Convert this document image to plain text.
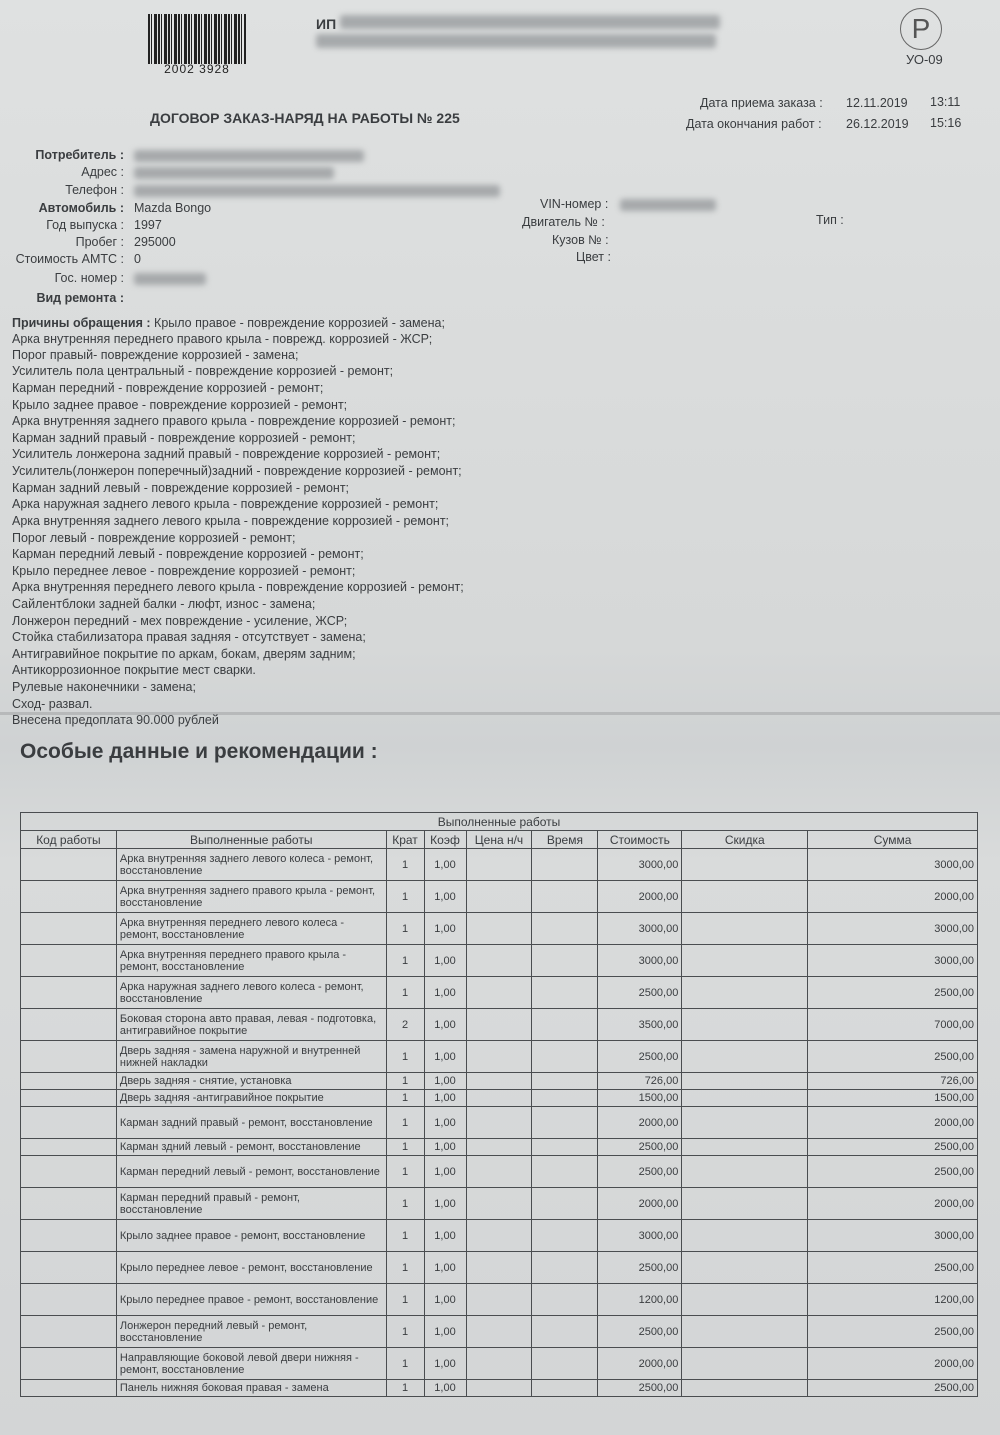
2002 3928
ИП	Р
УО-09
ДОГОВОР ЗАКАЗ-НАРЯД НА РАБОТЫ № 225
Дата приема заказа : 12.11.2019 13:11
Дата окончания работ : 26.12.2019 15:16
Потребитель :
Адрес :
Телефон :
Автомобиль : Mazda Bongo
Год выпуска : 1997
Пробег : 295000
Стоимость АМТС : 0
Гос. номер :
Вид ремонта :
VIN-номер :
Двигатель № :	Тип :
Кузов № :
Цвет :
Причины обращения : Крыло правое - повреждение коррозией - замена;
Арка внутренняя переднего правого крыла - поврежд. коррозией - ЖСР;
Порог правый- повреждение коррозией - замена;
Усилитель пола центральный - повреждение коррозией - ремонт;
Карман передний - повреждение коррозией - ремонт;
Крыло заднее правое - повреждение коррозией - ремонт;
Арка внутренняя заднего правого крыла - повреждение коррозией - ремонт;
Карман задний правый - повреждение коррозией - ремонт;
Усилитель лонжерона задний правый - повреждение коррозией - ремонт;
Усилитель(лонжерон поперечный)задний - повреждение коррозией - ремонт;
Карман задний левый - повреждение коррозией - ремонт;
Арка наружная заднего левого крыла - повреждение коррозией - ремонт;
Арка внутренняя заднего левого крыла - повреждение коррозией - ремонт;
Порог левый - повреждение коррозией - ремонт;
Карман передний левый - повреждение коррозией - ремонт;
Крыло переднее левое - повреждение коррозией - ремонт;
Арка внутренняя переднего левого крыла - повреждение коррозией - ремонт;
Сайлентблоки задней балки - люфт, износ - замена;
Лонжерон передний - мех повреждение - усиление, ЖСР;
Стойка стабилизатора правая задняя - отсутствует - замена;
Антигравийное покрытие по аркам, бокам, дверям задним;
Антикоррозионное покрытие мест сварки.
Рулевые наконечники - замена;
Сход- развал.
Внесена предоплата 90.000 рублей
Особые данные и рекомендации :
Выполненные работы								
Код работы	Выполненные работы	Крат	Коэф	Цена н/ч	Время	Стоимость	Скидка	Сумма
	Арка внутренняя заднего левого колеса - ремонт, восстановление	1	1,00			3000,00		3000,00
	Арка внутренняя заднего правого крыла - ремонт, восстановление	1	1,00			2000,00		2000,00
	Арка внутренняя переднего левого колеса - ремонт, восстановление	1	1,00			3000,00		3000,00
	Арка внутренняя переднего правого крыла - ремонт, восстановление	1	1,00			3000,00		3000,00
	Арка наружная заднего левого колеса - ремонт, восстановление	1	1,00			2500,00		2500,00
	Боковая сторона авто правая, левая - подготовка, антигравийное покрытие	2	1,00			3500,00		7000,00
	Дверь задняя - замена наружной и внутренней нижней накладки	1	1,00			2500,00		2500,00
	Дверь задняя - снятие, установка	1	1,00			726,00		726,00
	Дверь задняя -антигравийное покрытие	1	1,00			1500,00		1500,00
	Карман задний правый - ремонт, восстановление	1	1,00			2000,00		2000,00
	Карман здний левый - ремонт, восстановление	1	1,00			2500,00		2500,00
	Карман передний левый - ремонт, восстановление	1	1,00			2500,00		2500,00
	Карман передний правый - ремонт, восстановление	1	1,00			2000,00		2000,00
	Крыло заднее правое - ремонт, восстановление	1	1,00			3000,00		3000,00
	Крыло переднее левое - ремонт, восстановление	1	1,00			2500,00		2500,00
	Крыло переднее правое - ремонт, восстановление	1	1,00			1200,00		1200,00
	Лонжерон передний левый - ремонт, восстановление	1	1,00			2500,00		2500,00
	Направляющие боковой левой двери нижняя - ремонт, восстановление	1	1,00			2000,00		2000,00
	Панель нижняя боковая правая - замена	1	1,00			2500,00		2500,00
